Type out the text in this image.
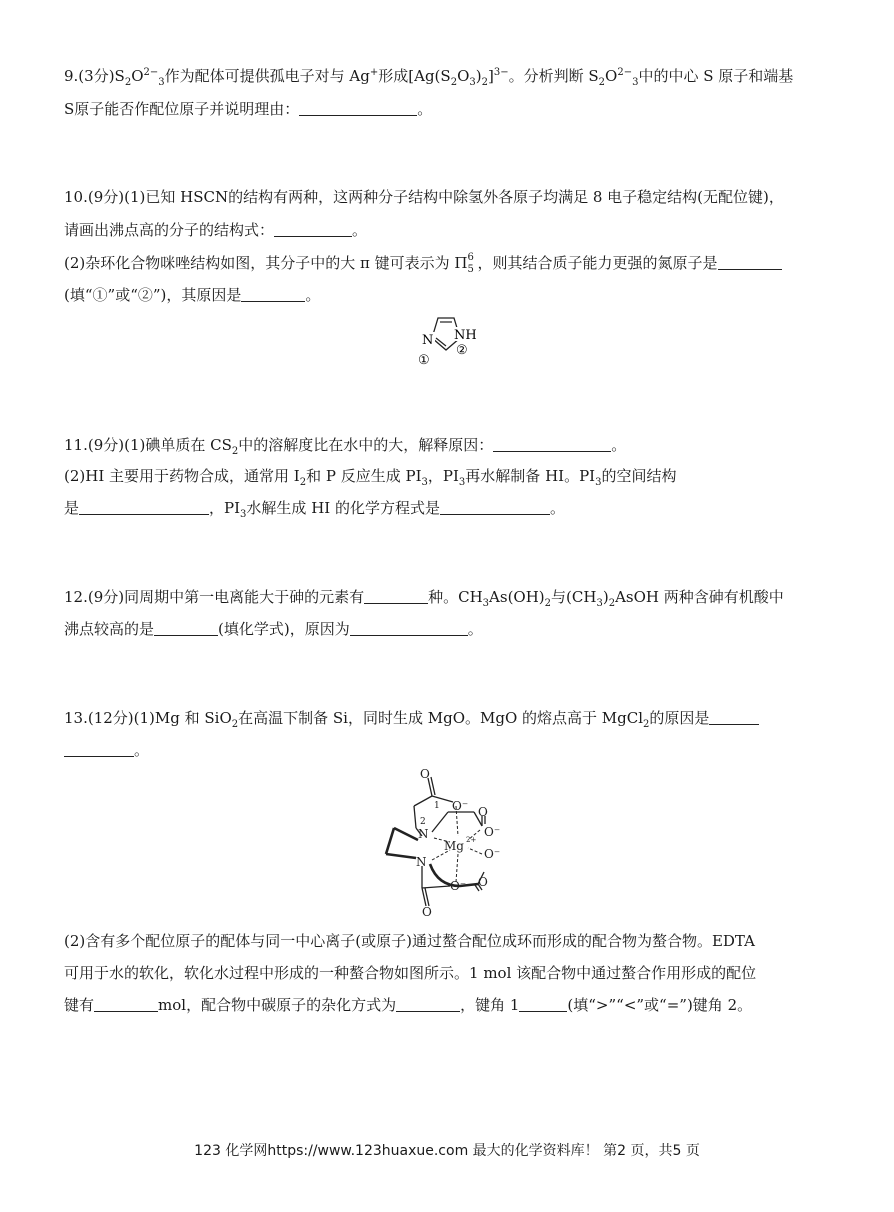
9.(3分)$S_2O^{2-}_3$作为配体可提供孤电子对与 Ag+形成$[Ag(S_2O_3)_2]^{3-}$。分析判断 $S_2O^{2-}_3$中的中心 S 原子和端基
S原子能否作配位原子并说明理由：	。
10.(9分)(1)已知 HSCN的结构有两种，这两种分子结构中除氢外各原子均满足 8 电子稳定结构(无配位键)，
请画出沸点高的分子的结构式：	。
(2)杂环化合物咪唑结构如图，其分子中的大 π 键可表示为 Π 6
5 ，则其结合质子能力更强的氮原子是
(填“①”或“②”)，其原因是	。
N NH
①
②
11.(9分)(1)碘单质在 $CS_2$中的溶解度比在水中的大，解释原因：	。
(2)HI 主要用于药物合成，通常用 $I_2$和 P 反应生成 $PI_3$，$PI_3$再水解制备 HI。$PI_3$的空间结构
是	，$PI_3$水解生成 HI 的化学方程式是	。
12.(9分)同周期中第一电离能大于砷的元素有	种。$CH_3As(OH)_2$与$(CH_3)_2AsOH$ 两种含砷有机酸中
沸点较高的是	(填化学式)，原因为	。
13.(12分)(1)Mg 和 SiO$_2$在高温下制备 Si，同时生成 MgO。MgO 的熔点高于 MgCl$_2$的原因是
。
O
O⁻ O
O⁻
O⁻
O
O⁻
O
N
N
Mg 2+
1
2
(2)含有多个配位原子的配体与同一中心离子(或原子)通过螯合配位成环而形成的配合物为螯合物。EDTA
可用于水的软化，软化水过程中形成的一种螯合物如图所示。1 mol 该配合物中通过螯合作用形成的配位
键有	mol，配合物中碳原子的杂化方式为	，键角 1	(填“>”“<”或“=”)键角 2。
123 化学网https://www.123huaxue.com 最大的化学资料库！ 第2 页，共5 页
